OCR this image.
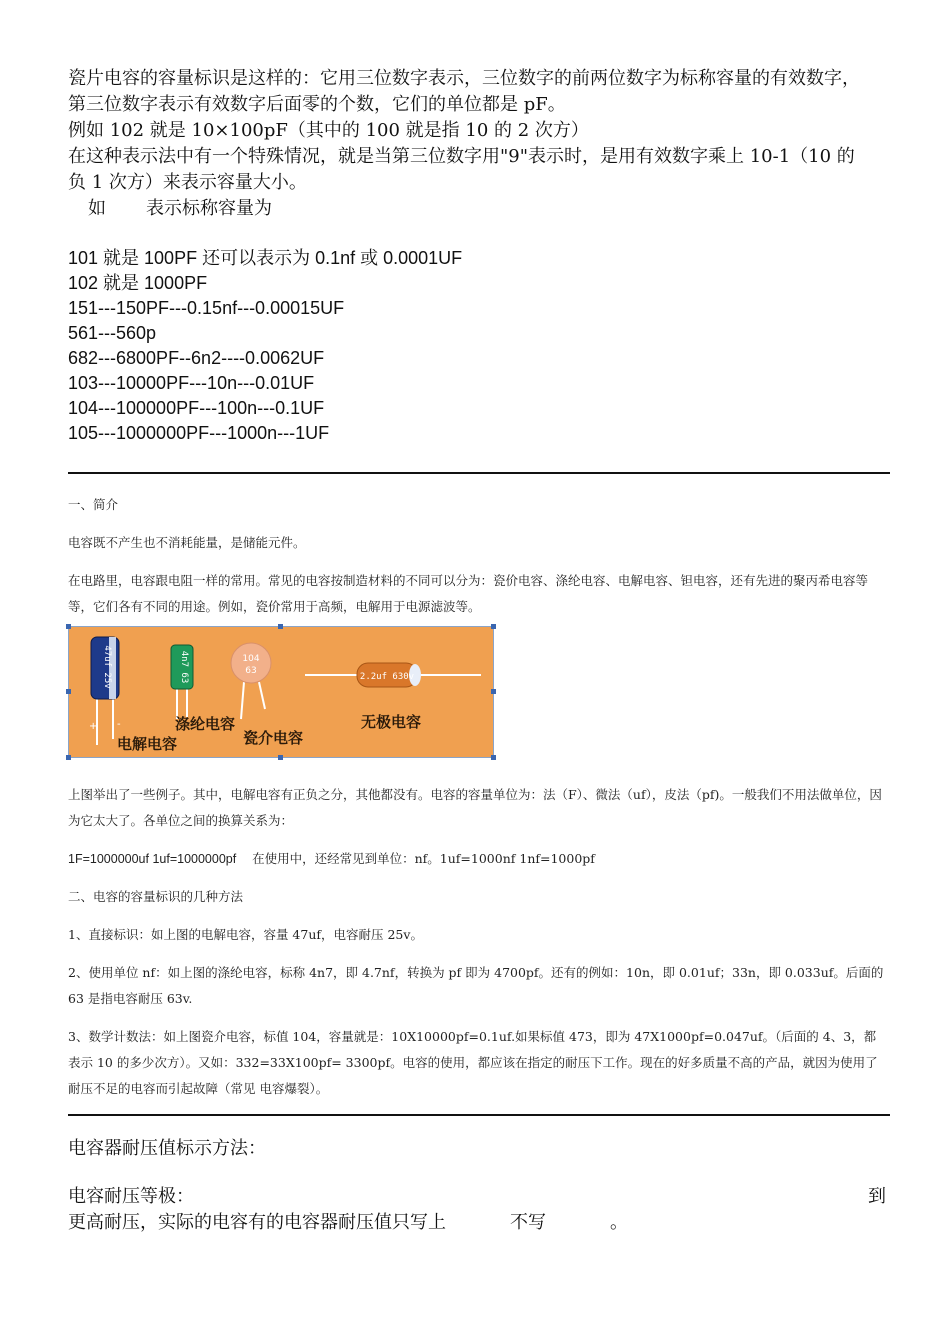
瓷片电容的容量标识是这样的：它用三位数字表示，三位数字的前两位数字为标称容量的有效数字，

第三位数字表示有效数字后面零的个数，它们的单位都是 pF。

例如 102 就是 10×100pF（其中的 100 就是指 10 的 2 次方）

在这种表示法中有一个特殊情况，就是当第三位数字用"9"表示时，是用有效数字乘上 10-1（10 的

负 1 次方）来表示容量大小。

如 表示标称容量为

101 就是 100PF 还可以表示为 0.1nf 或 0.0001UF

102 就是 1000PF

151---150PF---0.15nf---0.00015UF

561---560p

682---6800PF--6n2----0.0062UF

103---10000PF---10n---0.01UF

104---100000PF---100n---0.1UF

105---1000000PF---1000n---1UF

一、简介

电容既不产生也不消耗能量，是储能元件。

在电路里，电容跟电阻一样的常用。常见的电容按制造材料的不同可以分为：瓷价电容、涤纶电容、电解电容、钽电容，还有先进的聚丙希电容等等，它们各有不同的用途。例如，瓷价常用于高频，电解用于电源滤波等。

47uf 25v
+ -
4n7 63	104
63
2.2uf 630v
电解电容
涤纶电容
瓷介电容
无极电容

上图举出了一些例子。其中，电解电容有正负之分，其他都没有。电容的容量单位为：法（F）、微法（uf），皮法（pf)。一般我们不用法做单位，因为它太大了。各单位之间的换算关系为：

1F=1000000uf 1uf=1000000pf 在使用中，还经常见到单位：nf。1uf=1000nf 1nf=1000pf

二、电容的容量标识的几种方法

1、直接标识：如上图的电解电容，容量 47uf，电容耐压 25v。

2、使用单位 nf：如上图的涤纶电容，标称 4n7，即 4.7nf，转换为 pf 即为 4700pf。还有的例如：10n，即 0.01uf；33n，即 0.033uf。后面的 63 是指电容耐压 63v.

3、数学计数法：如上图瓷介电容，标值 104，容量就是：10X10000pf=0.1uf.如果标值 473，即为 47X1000pf=0.047uf。（后面的 4、3，都表示 10 的多少次方）。又如：332=33X100pf= 3300pf。电容的使用，都应该在指定的耐压下工作。现在的好多质量不高的产品，就因为使用了耐压不足的电容而引起故障（常见 电容爆裂）。

电容器耐压值标示方法：

电容耐压等极：	到

更高耐压，实际的电容有的电容器耐压值只写上	不写	。
